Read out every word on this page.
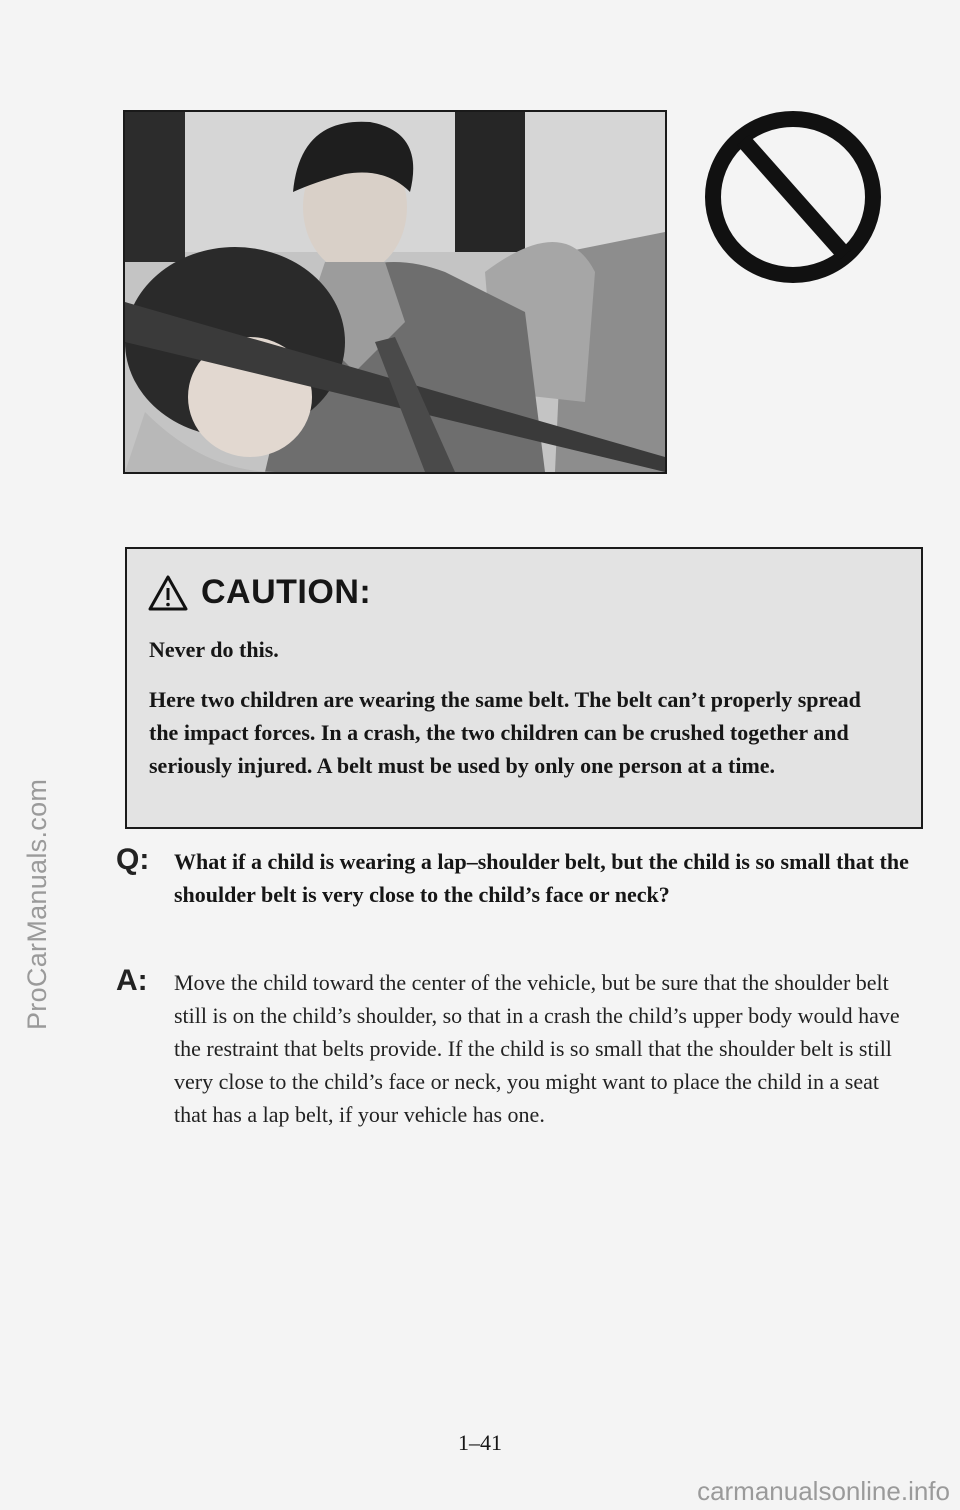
ProCarManuals.com
CAUTION:
Never do this.
Here two children are wearing the same belt. The belt can’t properly spread the impact forces. In a crash, the two children can be crushed together and seriously injured. A belt must be used by only one person at a time.
Q: What if a child is wearing a lap–shoulder belt, but the child is so small that the shoulder belt is very close to the child’s face or neck?
A: Move the child toward the center of the vehicle, but be sure that the shoulder belt still is on the child’s shoulder, so that in a crash the child’s upper body would have the restraint that belts provide. If the child is so small that the shoulder belt is still very close to the child’s face or neck, you might want to place the child in a seat that has a lap belt, if your vehicle has one.
1–41
carmanualsonline.info
